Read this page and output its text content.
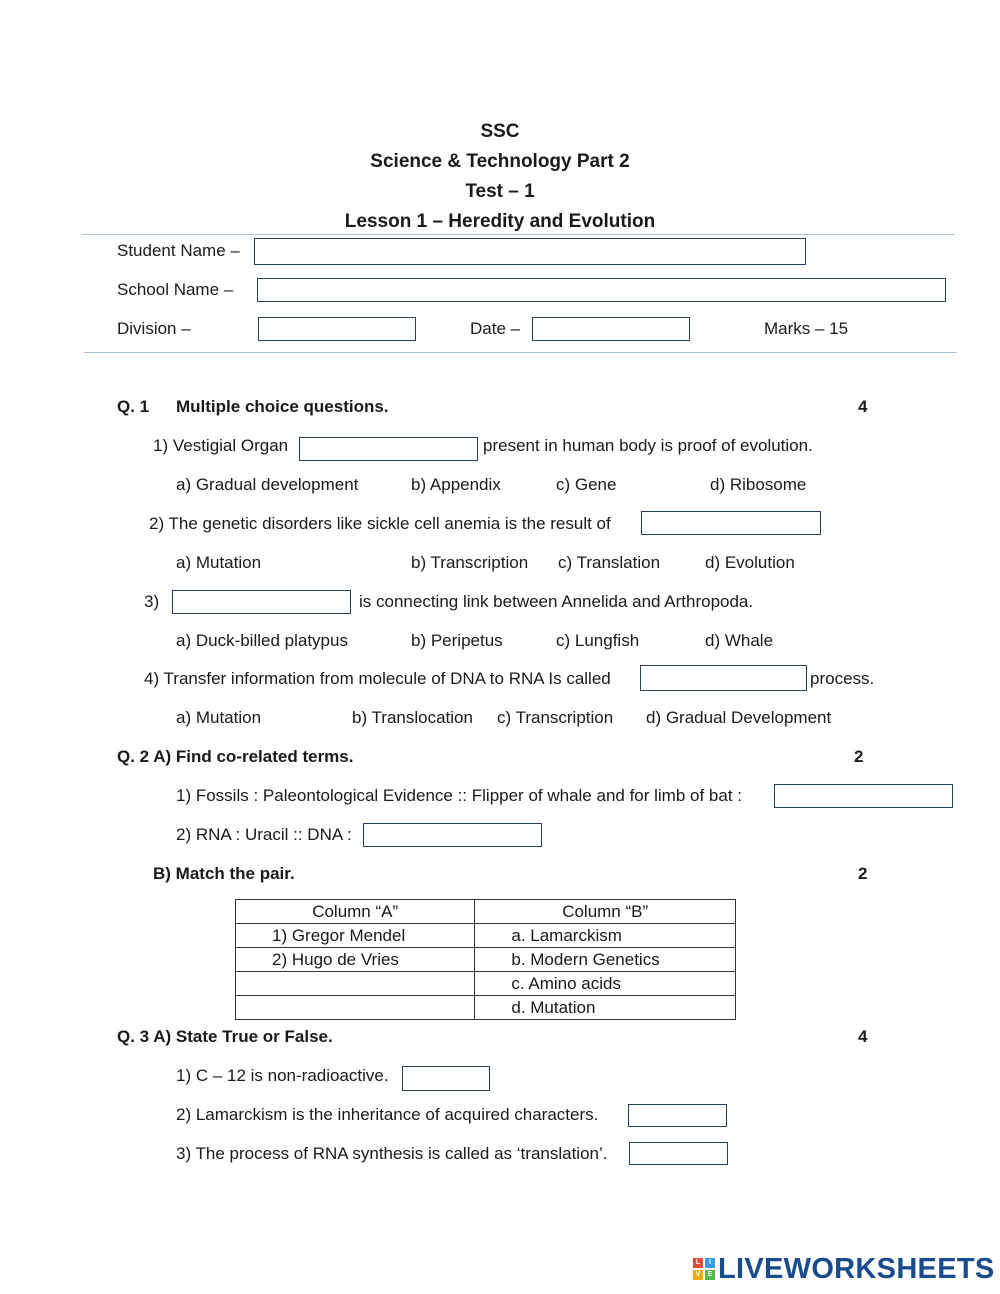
SSC
Science & Technology Part 2
Test – 1
Lesson 1 – Heredity and Evolution
Student Name –
School Name –
Division –	Date –	Marks – 15
Q. 1 Multiple choice questions.	4
1) Vestigial Organ	present in human body is proof of evolution.
a) Gradual development	b) Appendix	c) Gene	d) Ribosome
2) The genetic disorders like sickle cell anemia is the result of
a) Mutation	b) Transcription c) Translation	d) Evolution
3)	is connecting link between Annelida and Arthropoda.
a) Duck-billed platypus	b) Peripetus	c) Lungfish	d) Whale
4) Transfer information from molecule of DNA to RNA Is called	process.
a) Mutation	b) Translocation c) Transcription d) Gradual Development
Q. 2 A) Find co-related terms.	2
1) Fossils : Paleontological Evidence :: Flipper of whale and for limb of bat :
2) RNA : Uracil :: DNA :
B) Match the pair.	2
Column “A”	Column “B”
1) Gregor Mendel	a. Lamarckism
2) Hugo de Vries	b. Modern Genetics
	c. Amino acids
	d. Mutation
Q. 3 A) State True or False.	4
1) C – 12 is non-radioactive.
2) Lamarckism is the inheritance of acquired characters.
3) The process of RNA synthesis is called as ‘translation’.
L	I
V	E LIVEWORKSHEETS
